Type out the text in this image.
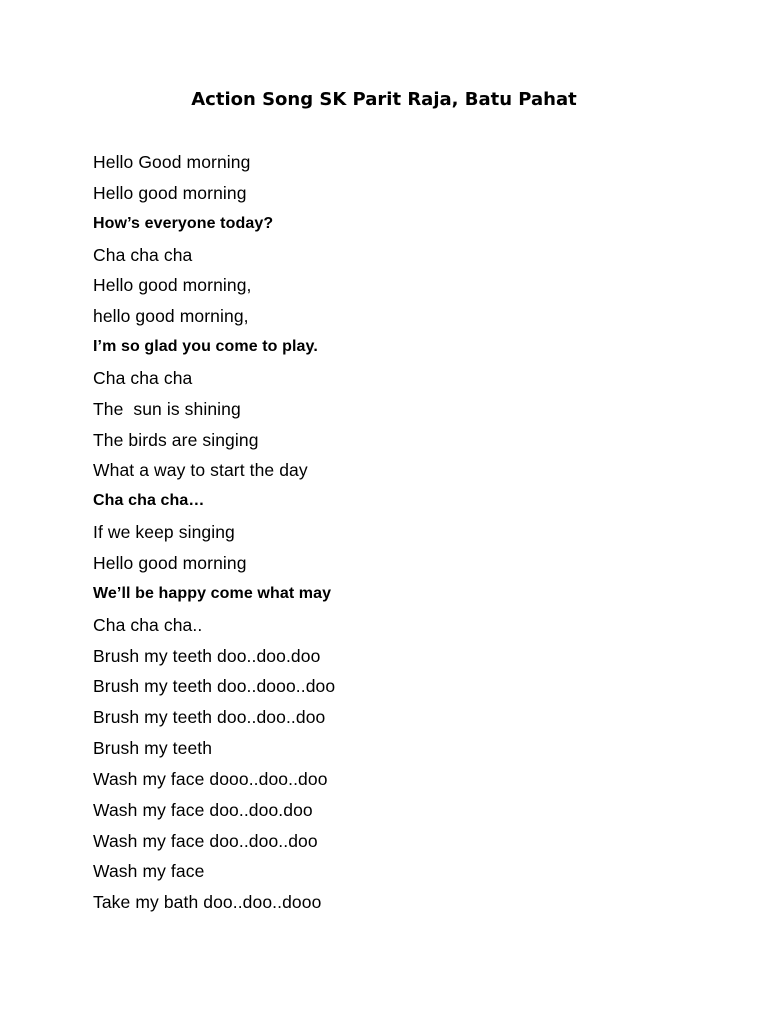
Action Song SK Parit Raja, Batu Pahat
Hello Good morning
Hello good morning
How’s everyone today?
Cha cha cha
Hello good morning,
hello good morning,
I’m so glad you come to play.
Cha cha cha
The  sun is shining
The birds are singing
What a way to start the day
Cha cha cha…
If we keep singing
Hello good morning
We’ll be happy come what may
Cha cha cha..
Brush my teeth doo..doo.doo
Brush my teeth doo..dooo..doo
Brush my teeth doo..doo..doo
Brush my teeth
Wash my face dooo..doo..doo
Wash my face doo..doo.doo
Wash my face doo..doo..doo
Wash my face
Take my bath doo..doo..dooo
